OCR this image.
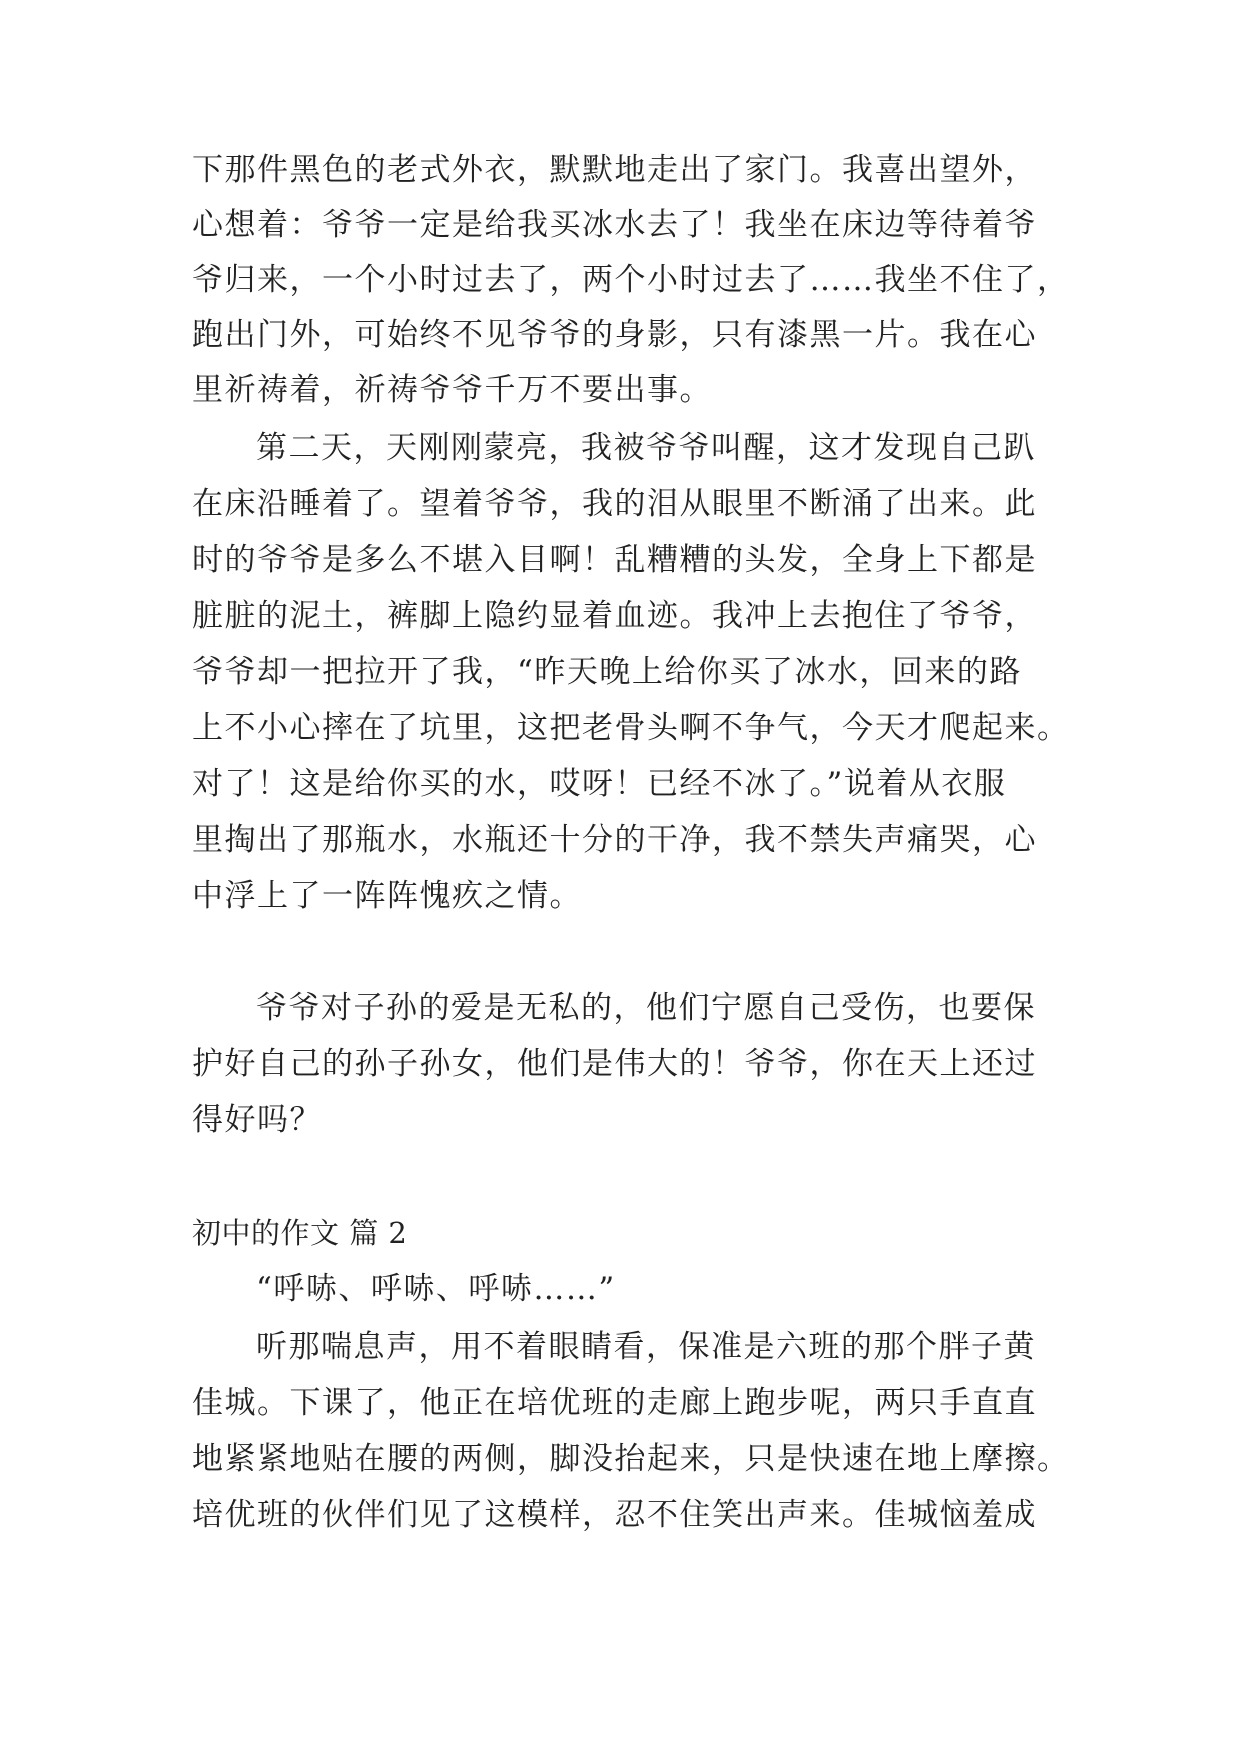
下那件黑色的老式外衣，默默地走出了家门。我喜出望外，
心想着：爷爷一定是给我买冰水去了！我坐在床边等待着爷
爷归来，一个小时过去了，两个小时过去了……我坐不住了，
跑出门外，可始终不见爷爷的身影，只有漆黑一片。我在心
里祈祷着，祈祷爷爷千万不要出事。
第二天，天刚刚蒙亮，我被爷爷叫醒，这才发现自己趴
在床沿睡着了。望着爷爷，我的泪从眼里不断涌了出来。此
时的爷爷是多么不堪入目啊！乱糟糟的头发，全身上下都是
脏脏的泥土，裤脚上隐约显着血迹。我冲上去抱住了爷爷，
爷爷却一把拉开了我，“昨天晚上给你买了冰水，回来的路
上不小心摔在了坑里，这把老骨头啊不争气，今天才爬起来。
对了！这是给你买的水，哎呀！已经不冰了。”说着从衣服
里掏出了那瓶水，水瓶还十分的干净，我不禁失声痛哭，心
中浮上了一阵阵愧疚之情。
爷爷对子孙的爱是无私的，他们宁愿自己受伤，也要保
护好自己的孙子孙女，他们是伟大的！爷爷，你在天上还过
得好吗？
初中的作文 篇 2
“呼哧、呼哧、呼哧……”
听那喘息声，用不着眼睛看，保准是六班的那个胖子黄
佳城。下课了，他正在培优班的走廊上跑步呢，两只手直直
地紧紧地贴在腰的两侧，脚没抬起来，只是快速在地上摩擦。
培优班的伙伴们见了这模样，忍不住笑出声来。佳城恼羞成
